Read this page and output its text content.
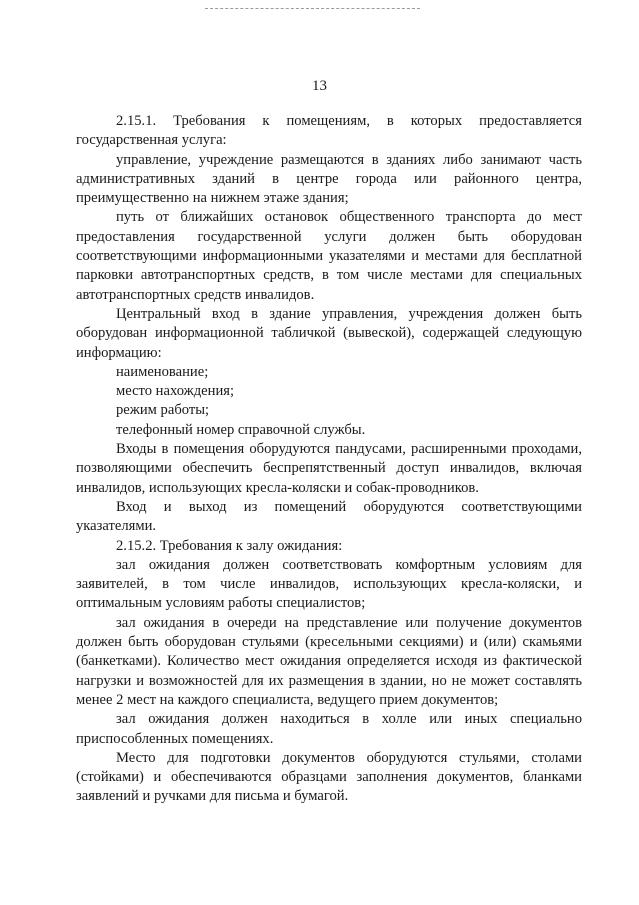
13

2.15.1. Требования к помещениям, в которых предоставляется государственная услуга:

управление, учреждение размещаются в зданиях либо занимают часть административных зданий в центре города или районного центра, преимущественно на нижнем этаже здания;

путь от ближайших остановок общественного транспорта до мест предоставления государственной услуги должен быть оборудован соответствующими информационными указателями и местами для бесплатной парковки автотранспортных средств, в том числе местами для специальных автотранспортных средств инвалидов.

Центральный вход в здание управления, учреждения должен быть оборудован информационной табличкой (вывеской), содержащей следующую информацию:

наименование;

место нахождения;

режим работы;

телефонный номер справочной службы.

Входы в помещения оборудуются пандусами, расширенными проходами, позволяющими обеспечить беспрепятственный доступ инвалидов, включая инвалидов, использующих кресла-коляски и собак-проводников.

Вход и выход из помещений оборудуются соответствующими указателями.

2.15.2. Требования к залу ожидания:

зал ожидания должен соответствовать комфортным условиям для заявителей, в том числе инвалидов, использующих кресла-коляски, и оптимальным условиям работы специалистов;

зал ожидания в очереди на представление или получение документов должен быть оборудован стульями (кресельными секциями) и (или) скамьями (банкетками). Количество мест ожидания определяется исходя из фактической нагрузки и возможностей для их размещения в здании, но не может составлять менее 2 мест на каждого специалиста, ведущего прием документов;

зал ожидания должен находиться в холле или иных специально приспособленных помещениях.

Место для подготовки документов оборудуются стульями, столами (стойками) и обеспечиваются образцами заполнения документов, бланками заявлений и ручками для письма и бумагой.
